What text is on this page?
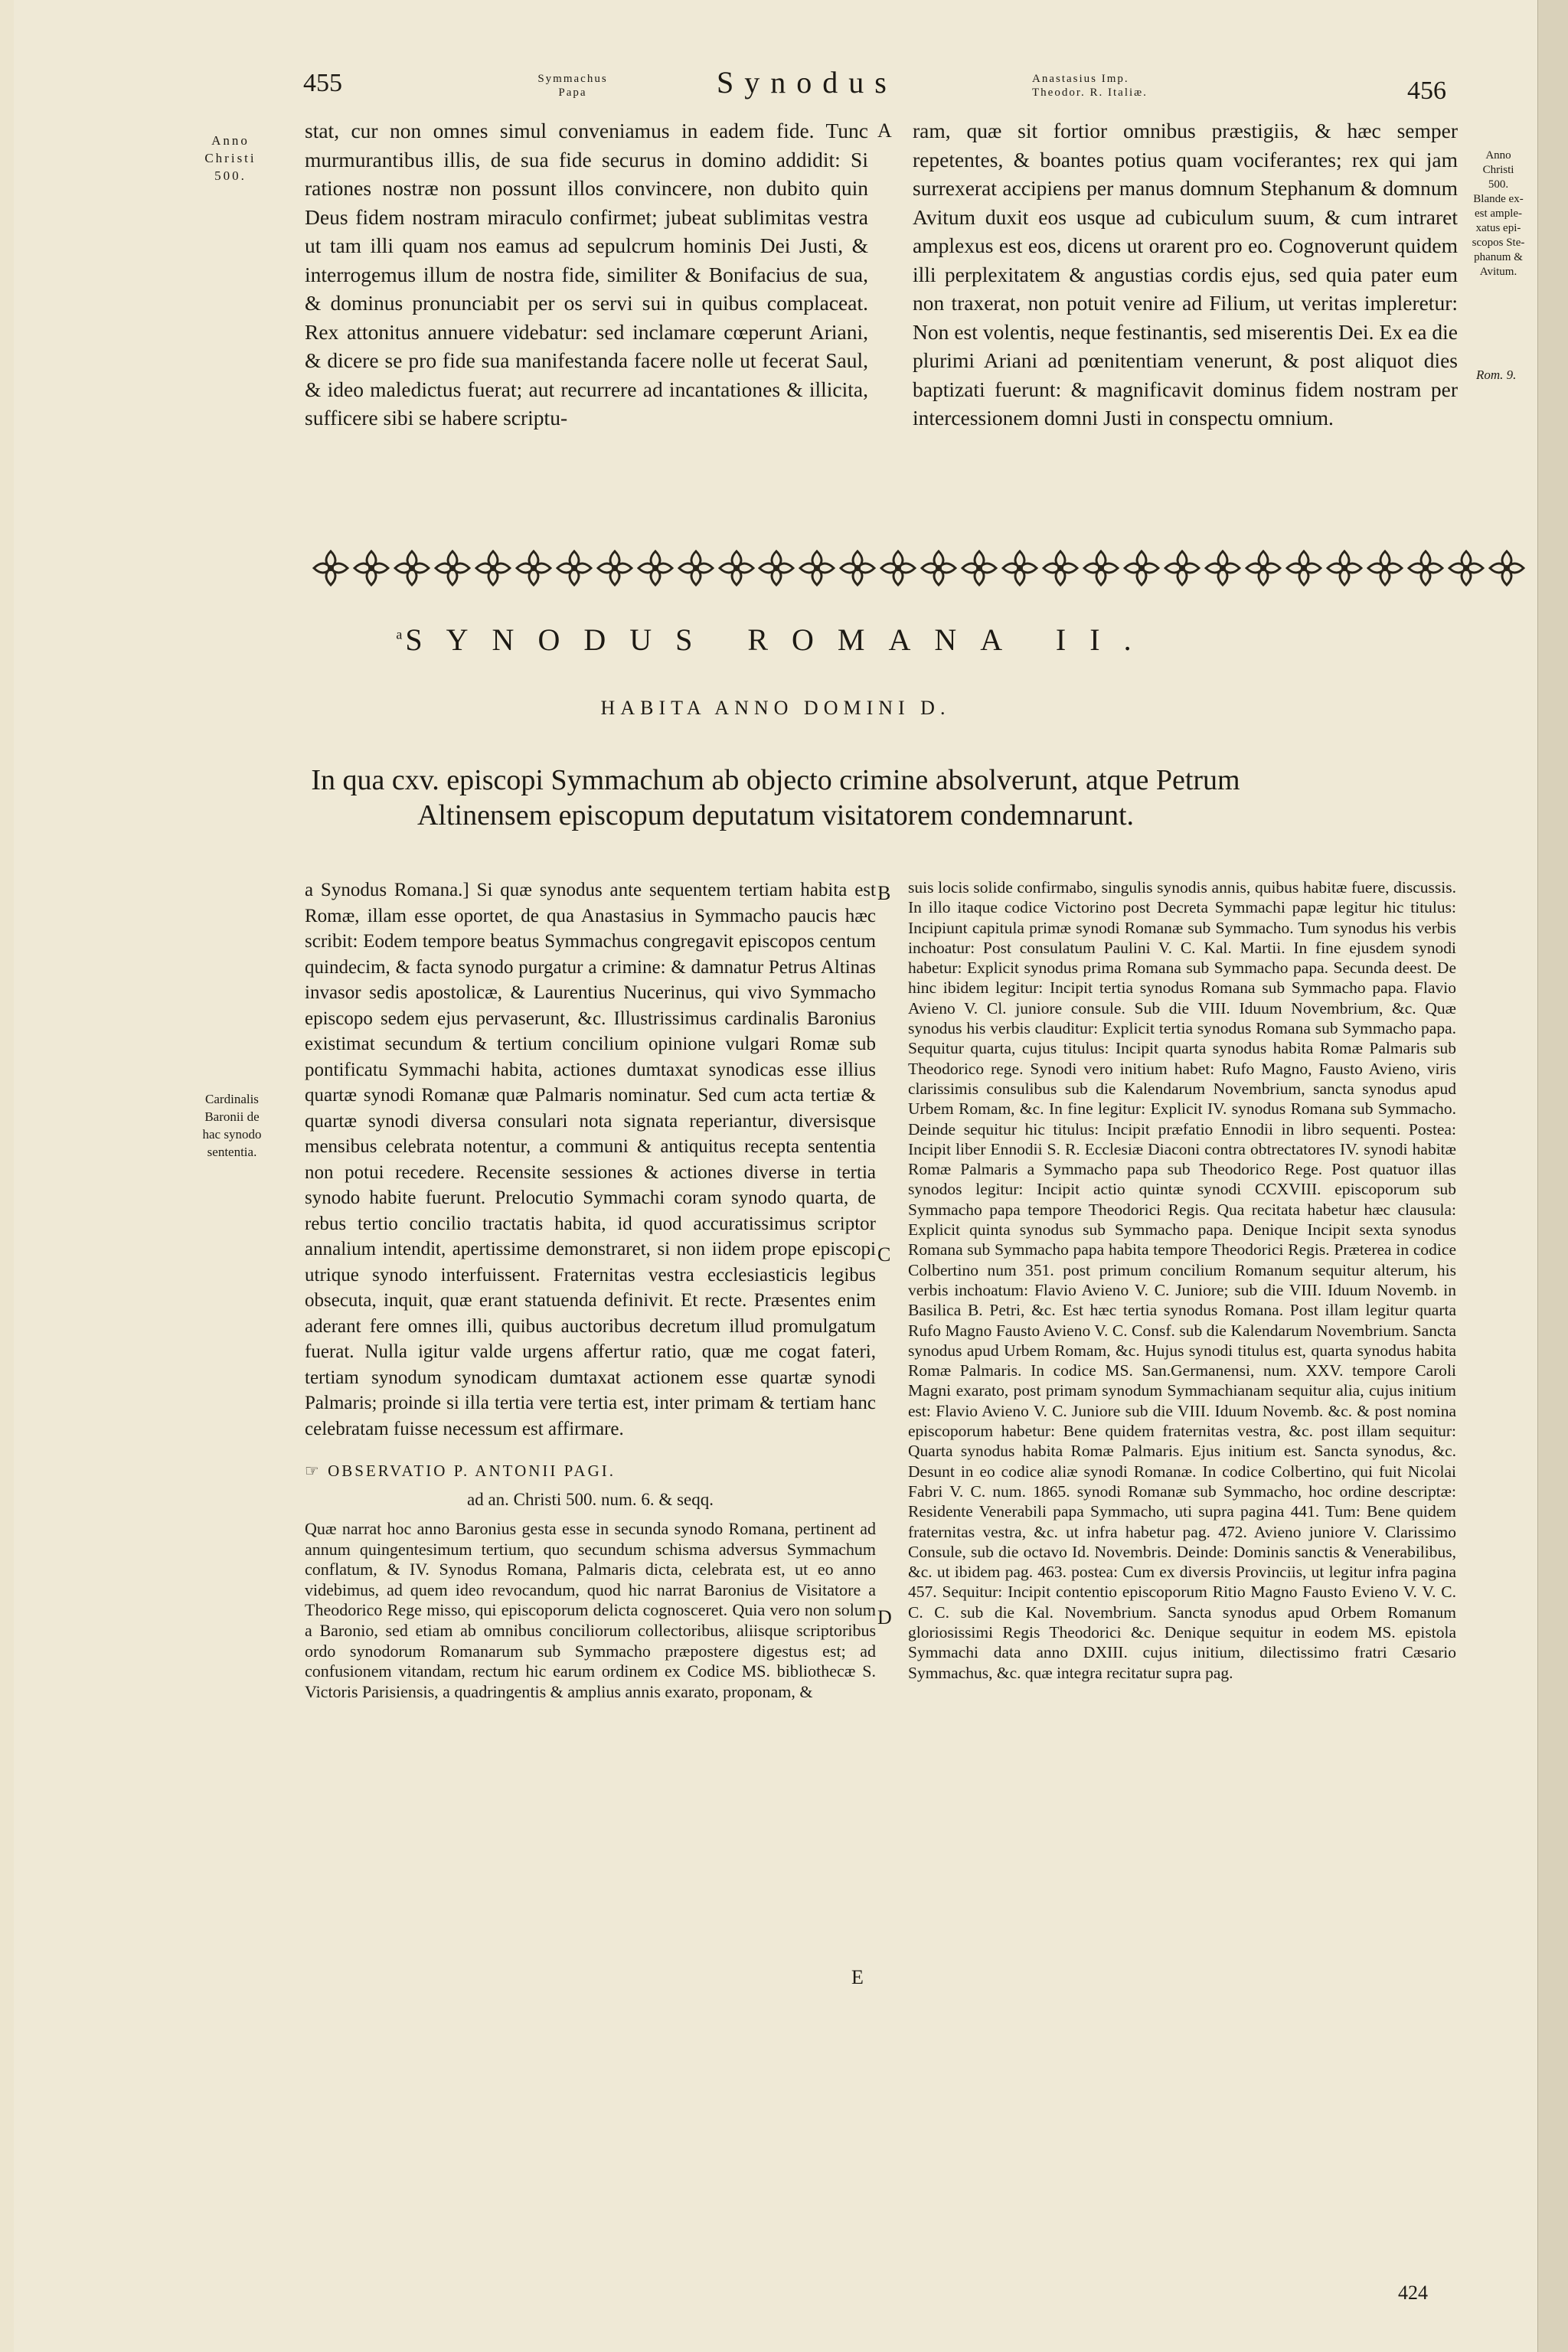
455	Symmachus
Papa	Synodus	Anastasius Imp.
Theodor. R. Italiæ.	456
Anno
Christi
500.
Anno
Christi
500.
Blande ex-
est ample-
xatus epi-
scopos Ste-
phanum &
Avitum.
Rom. 9.
Cardinalis
Baronii de
hac synodo
sententia.
A
B
C
D
E

stat, cur non omnes simul conveniamus in eadem fide. Tunc murmurantibus illis, de sua fide securus in domino addidit: Si rationes nostræ non possunt illos convincere, non dubito quin Deus fidem nostram miraculo confirmet; jubeat sublimitas vestra ut tam illi quam nos eamus ad sepulcrum hominis Dei Justi, & interrogemus illum de nostra fide, similiter & Bonifacius de sua, & dominus pronunciabit per os servi sui in quibus complaceat. Rex attonitus annuere videbatur: sed inclamare cœperunt Ariani, & dicere se pro fide sua manifestanda facere nolle ut fecerat Saul, & ideo maledictus fuerat; aut recurrere ad incantationes & illicita, sufficere sibi se habere scriptu-

ram, quæ sit fortior omnibus præstigiis, & hæc semper repetentes, & boantes potius quam vociferantes; rex qui jam surrexerat accipiens per manus domnum Stephanum & domnum Avitum duxit eos usque ad cubiculum suum, & cum intraret amplexus est eos, dicens ut orarent pro eo. Cognoverunt quidem illi perplexitatem & angustias cordis ejus, sed quia pater eum non traxerat, non potuit venire ad Filium, ut veritas impleretur: Non est volentis, neque festinantis, sed miserentis Dei. Ex ea die plurimi Ariani ad pœnitentiam venerunt, & post aliquot dies baptizati fuerunt: & magnificavit dominus fidem nostram per intercessionem domni Justi in conspectu omnium.

$^a$SYNODUS ROMANA II.
HABITA ANNO DOMINI D.
In qua cxv. episcopi Symmachum ab objecto crimine absolverunt, atque Petrum
Altinensem episcopum deputatum visitatorem condemnarunt.

a Synodus Romana.] Si quæ synodus ante sequentem tertiam habita est Romæ, illam esse oportet, de qua Anastasius in Symmacho paucis hæc scribit: Eodem tempore beatus Symmachus congregavit episcopos centum quindecim, & facta synodo purgatur a crimine: & damnatur Petrus Altinas invasor sedis apostolicæ, & Laurentius Nucerinus, qui vivo Symmacho episcopo sedem ejus pervaserunt, &c. Illustrissimus cardinalis Baronius existimat secundum & tertium concilium opinione vulgari Romæ sub pontificatu Symmachi habita, actiones dumtaxat synodicas esse illius quartæ synodi Romanæ quæ Palmaris nominatur. Sed cum acta tertiæ & quartæ synodi diversa consulari nota signata reperiantur, diversisque mensibus celebrata notentur, a communi & antiquitus recepta sententia non potui recedere. Recensite sessiones & actiones diverse in tertia synodo habite fuerunt. Prelocutio Symmachi coram synodo quarta, de rebus tertio concilio tractatis habita, id quod accuratissimus scriptor annalium intendit, apertissime demonstraret, si non iidem prope episcopi utrique synodo interfuissent. Fraternitas vestra ecclesiasticis legibus obsecuta, inquit, quæ erant statuenda definivit. Et recte. Præsentes enim aderant fere omnes illi, quibus auctoribus decretum illud promulgatum fuerat. Nulla igitur valde urgens affertur ratio, quæ me cogat fateri, tertiam synodum synodicam dumtaxat actionem esse quartæ synodi Palmaris; proinde si illa tertia vere tertia est, inter primam & tertiam hanc celebratam fuisse necessum est affirmare.

☞ OBSERVATIO P. ANTONII PAGI.
ad an. Christi 500. num. 6. & seqq.

Quæ narrat hoc anno Baronius gesta esse in secunda synodo Romana, pertinent ad annum quingentesimum tertium, quo secundum schisma adversus Symmachum conflatum, & IV. Synodus Romana, Palmaris dicta, celebrata est, ut eo anno videbimus, ad quem ideo revocandum, quod hic narrat Baronius de Visitatore a Theodorico Rege misso, qui episcoporum delicta cognosceret. Quia vero non solum a Baronio, sed etiam ab omnibus conciliorum collectoribus, aliisque scriptoribus ordo synodorum Romanarum sub Symmacho præpostere digestus est; ad confusionem vitandam, rectum hic earum ordinem ex Codice MS. bibliothecæ S. Victoris Parisiensis, a quadringentis & amplius annis exarato, proponam, &

suis locis solide confirmabo, singulis synodis annis, quibus habitæ fuere, discussis. In illo itaque codice Victorino post Decreta Symmachi papæ legitur hic titulus: Incipiunt capitula primæ synodi Romanæ sub Symmacho. Tum synodus his verbis inchoatur: Post consulatum Paulini V. C. Kal. Martii. In fine ejusdem synodi habetur: Explicit synodus prima Romana sub Symmacho papa. Secunda deest. De hinc ibidem legitur: Incipit tertia synodus Romana sub Symmacho papa. Flavio Avieno V. Cl. juniore consule. Sub die VIII. Iduum Novembrium, &c. Quæ synodus his verbis clauditur: Explicit tertia synodus Romana sub Symmacho papa. Sequitur quarta, cujus titulus: Incipit quarta synodus habita Romæ Palmaris sub Theodorico rege. Synodi vero initium habet: Rufo Magno, Fausto Avieno, viris clarissimis consulibus sub die Kalendarum Novembrium, sancta synodus apud Urbem Romam, &c. In fine legitur: Explicit IV. synodus Romana sub Symmacho. Deinde sequitur hic titulus: Incipit præfatio Ennodii in libro sequenti. Postea: Incipit liber Ennodii S. R. Ecclesiæ Diaconi contra obtrectatores IV. synodi habitæ Romæ Palmaris a Symmacho papa sub Theodorico Rege. Post quatuor illas synodos legitur: Incipit actio quintæ synodi CCXVIII. episcoporum sub Symmacho papa tempore Theodorici Regis. Qua recitata habetur hæc clausula: Explicit quinta synodus sub Symmacho papa. Denique Incipit sexta synodus Romana sub Symmacho papa habita tempore Theodorici Regis. Præterea in codice Colbertino num 351. post primum concilium Romanum sequitur alterum, his verbis inchoatum: Flavio Avieno V. C. Juniore; sub die VIII. Iduum Novemb. in Basilica B. Petri, &c. Est hæc tertia synodus Romana. Post illam legitur quarta Rufo Magno Fausto Avieno V. C. Consf. sub die Kalendarum Novembrium. Sancta synodus apud Urbem Romam, &c. Hujus synodi titulus est, quarta synodus habita Romæ Palmaris. In codice MS. San.Germanensi, num. XXV. tempore Caroli Magni exarato, post primam synodum Symmachianam sequitur alia, cujus initium est: Flavio Avieno V. C. Juniore sub die VIII. Iduum Novemb. &c. & post nomina episcoporum habetur: Bene quidem fraternitas vestra, &c. post illam sequitur: Quarta synodus habita Romæ Palmaris. Ejus initium est. Sancta synodus, &c. Desunt in eo codice aliæ synodi Romanæ. In codice Colbertino, qui fuit Nicolai Fabri V. C. num. 1865. synodi Romanæ sub Symmacho, hoc ordine descriptæ: Residente Venerabili papa Symmacho, uti supra pagina 441. Tum: Bene quidem fraternitas vestra, &c. ut infra habetur pag. 472. Avieno juniore V. Clarissimo Consule, sub die octavo Id. Novembris. Deinde: Dominis sanctis & Venerabilibus, &c. ut ibidem pag. 463. postea: Cum ex diversis Provinciis, ut legitur infra pagina 457. Sequitur: Incipit contentio episcoporum Ritio Magno Fausto Evieno V. V. C. C. C. sub die Kal. Novembrium. Sancta synodus apud Orbem Romanum gloriosissimi Regis Theodorici &c. Denique sequitur in eodem MS. epistola Symmachi data anno DXIII. cujus initium, dilectissimo fratri Cæsario Symmachus, &c. quæ integra recitatur supra pag.

424
